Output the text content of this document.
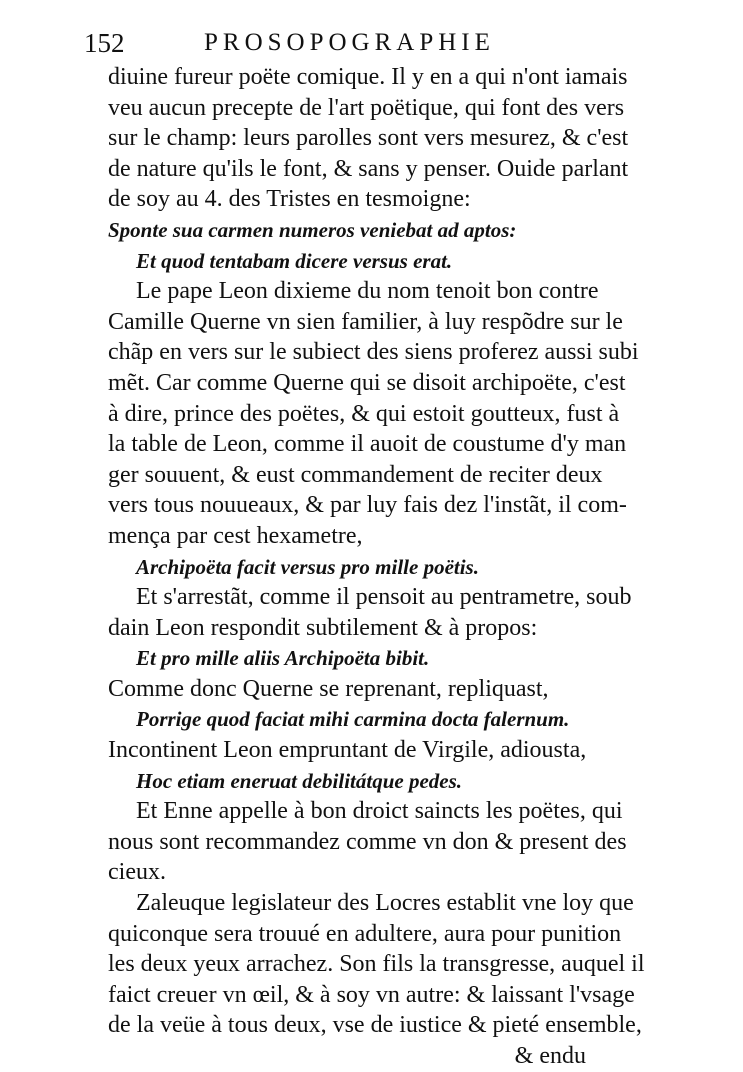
152	PROSOPOGRAPHIE
diuine fureur poëte comique. Il y en a qui n'ont iamais
veu aucun precepte de l'art poëtique, qui font des vers
sur le champ: leurs parolles sont vers mesurez, & c'est
de nature qu'ils le font, & sans y penser. Ouide parlant
de soy au 4. des Tristes en tesmoigne:
Sponte sua carmen numeros veniebat ad aptos:
Et quod tentabam dicere versus erat.
Le pape Leon dixieme du nom tenoit bon contre
Camille Querne vn sien familier, à luy respõdre sur le
chãp en vers sur le subiect des siens proferez aussi subi
mẽt. Car comme Querne qui se disoit archipoëte, c'est
à dire, prince des poëtes, & qui estoit goutteux, fust à
la table de Leon, comme il auoit de coustume d'y man
ger souuent, & eust commandement de reciter deux
vers tous nouueaux, & par luy fais dez l'instãt, il com-
mença par cest hexametre,
Archipoëta facit versus pro mille poëtis.
Et s'arrestãt, comme il pensoit au pentrametre, soub
dain Leon respondit subtilement & à propos:
Et pro mille aliis Archipoëta bibit.
Comme donc Querne se reprenant, repliquast,
Porrige quod faciat mihi carmina docta falernum.
Incontinent Leon empruntant de Virgile, adiousta,
Hoc etiam eneruat debilitátque pedes.
Et Enne appelle à bon droict saincts les poëtes, qui
nous sont recommandez comme vn don & present des
cieux.
Zaleuque legislateur des Locres establit vne loy que
quiconque sera trouué en adultere, aura pour punition
les deux yeux arrachez. Son fils la transgresse, auquel il
faict creuer vn œil, & à soy vn autre: & laissant l'vsage
de la veüe à tous deux, vse de iustice & pieté ensemble,
& endu
